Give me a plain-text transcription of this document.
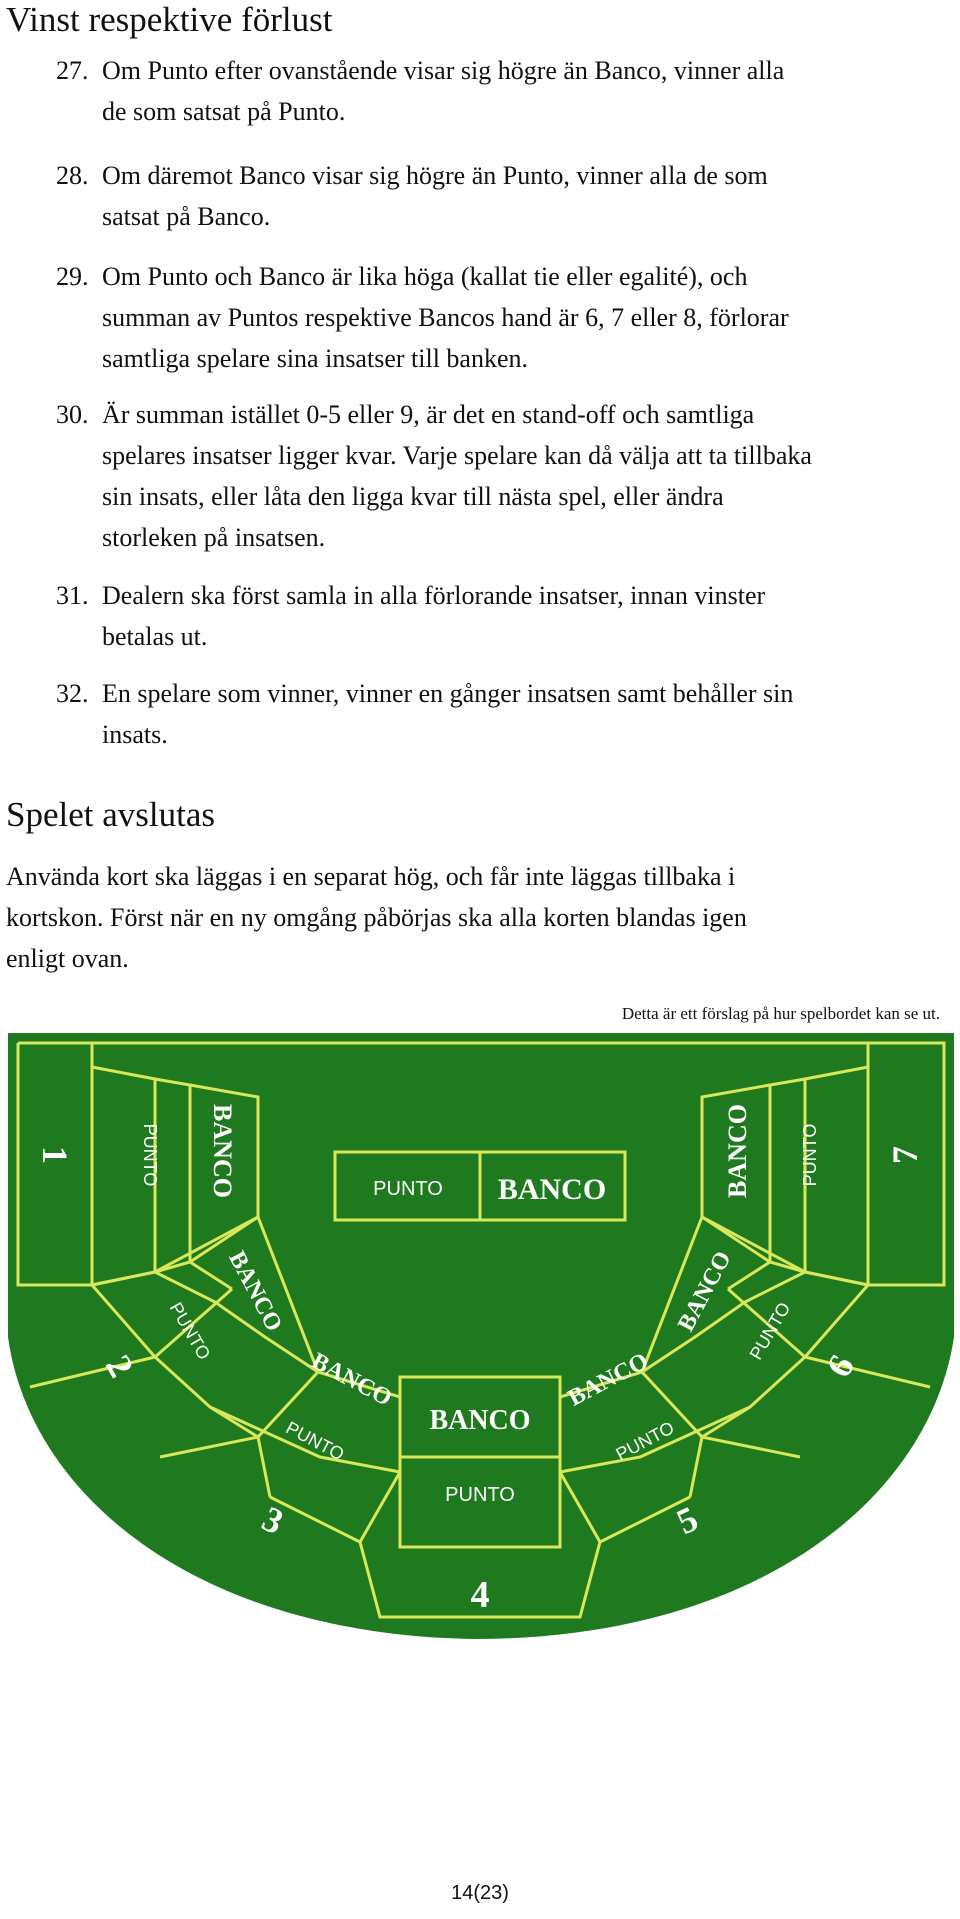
Vinst respektive förlust
27. Om Punto efter ovanstående visar sig högre än Banco, vinner alla
de som satsat på Punto.
28. Om däremot Banco visar sig högre än Punto, vinner alla de som
satsat på Banco.
29. Om Punto och Banco är lika höga (kallat tie eller egalité), och
summan av Puntos respektive Bancos hand är 6, 7 eller 8, förlorar
samtliga spelare sina insatser till banken.
30. Är summan istället 0-5 eller 9, är det en stand-off och samtliga
spelares insatser ligger kvar. Varje spelare kan då välja att ta tillbaka
sin insats, eller låta den ligga kvar till nästa spel, eller ändra
storleken på insatsen.
31. Dealern ska först samla in alla förlorande insatser, innan vinster
betalas ut.
32. En spelare som vinner, vinner en gånger insatsen samt behåller sin
insats.
Spelet avslutas
Använda kort ska läggas i en separat hög, och får inte läggas tillbaka i
kortskon. Först när en ny omgång påbörjas ska alla korten blandas igen
enligt ovan.
Detta är ett förslag på hur spelbordet kan se ut.
PUNTO BANCO
1
2
3
4
5
6
7
PUNTO
PUNTO
PUNTO
PUNTO
PUNTO
PUNTO
PUNTO
BANCO
BANCO
BANCO
BANCO
BANCO
BANCO
BANCO
14(23)
